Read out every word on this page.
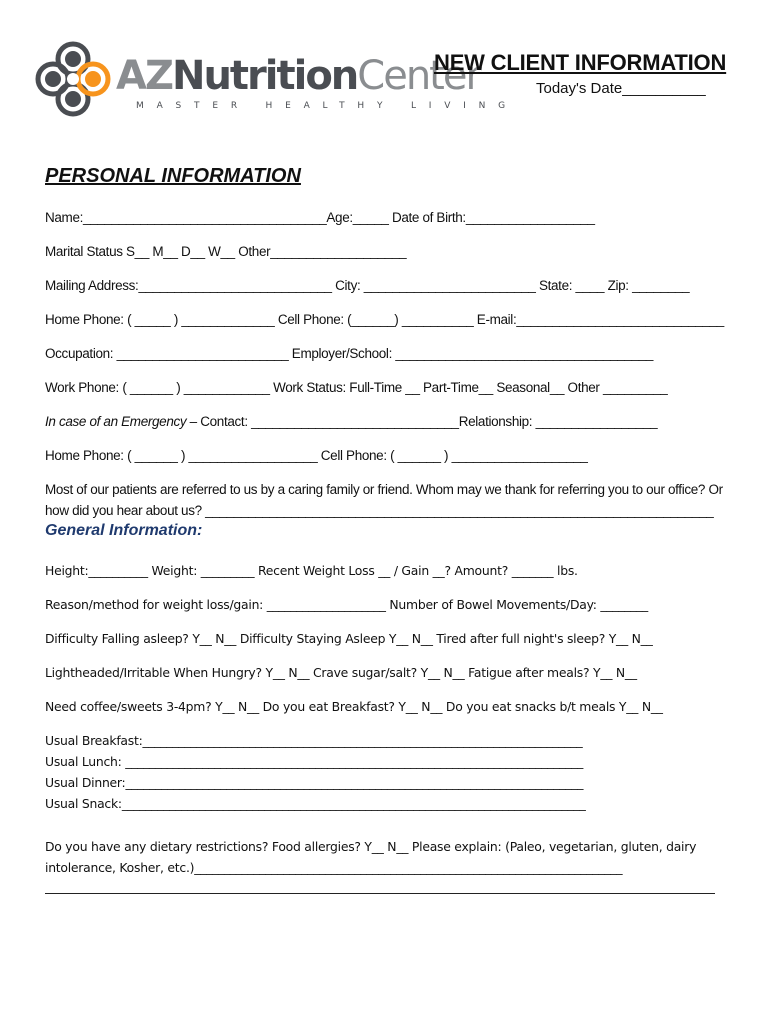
AZNutritionCenter
MASTER HEALTHY LIVING
NEW CLIENT INFORMATION
Today's Date__________
PERSONAL INFORMATION
Name:__________________________________Age:_____ Date of Birth:__________________
Marital Status S__ M__ D__ W__ Other___________________
Mailing Address:___________________________ City: ________________________ State: ____ Zip: ________
Home Phone: ( _____ ) _____________ Cell Phone: (______) __________ E-mail:_____________________________
Occupation: ________________________ Employer/School: ____________________________________
Work Phone: ( ______ ) ____________ Work Status: Full-Time __ Part-Time__ Seasonal__ Other _________
In case of an Emergency – Contact: _____________________________Relationship: _________________
Home Phone: ( ______ ) __________________ Cell Phone: ( ______ ) ___________________
Most of our patients are referred to us by a caring family or friend. Whom may we thank for referring you to our office? Or how did you hear about us? _______________________________________________________________________
General Information:
Height:__________ Weight: _________ Recent Weight Loss __ / Gain __? Amount? _______ lbs.
Reason/method for weight loss/gain: ____________________ Number of Bowel Movements/Day: ________
Difficulty Falling asleep? Y__ N__ Difficulty Staying Asleep Y__ N__ Tired after full night's sleep? Y__ N__
Lightheaded/Irritable When Hungry? Y__ N__ Crave sugar/salt? Y__ N__ Fatigue after meals? Y__ N__
Need coffee/sweets 3-4pm? Y__ N__ Do you eat Breakfast? Y__ N__ Do you eat snacks b/t meals Y__ N__
Usual Breakfast:__________________________________________________________________________
Usual Lunch: _____________________________________________________________________________
Usual Dinner:_____________________________________________________________________________
Usual Snack:______________________________________________________________________________
Do you have any dietary restrictions? Food allergies? Y__ N__ Please explain: (Paleo, vegetarian, gluten, dairy intolerance, Kosher, etc.)________________________________________________________________________
